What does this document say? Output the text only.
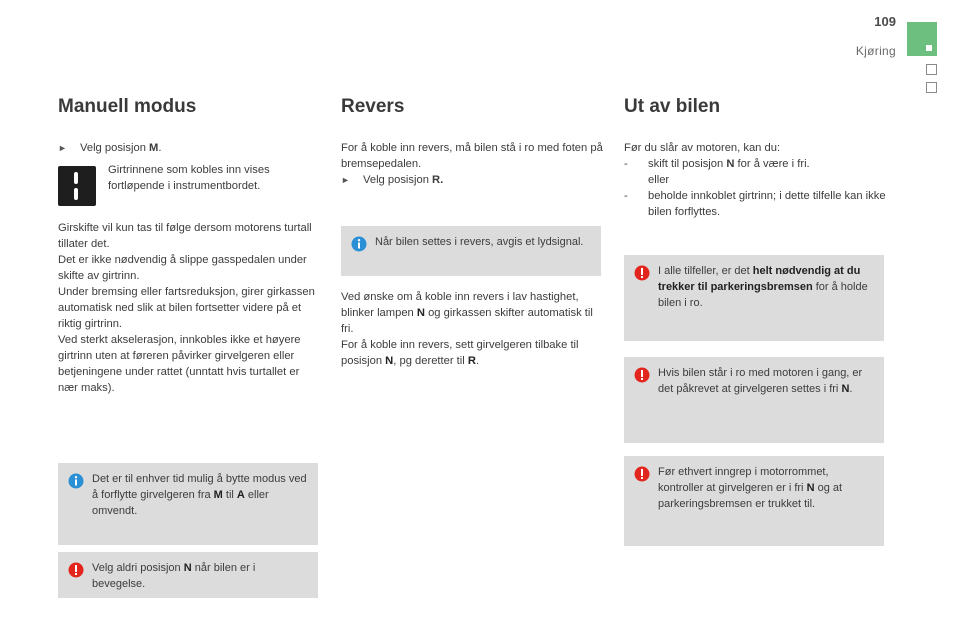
109
Kjøring
Manuell modus
► Velg posisjon M.
Girtrinnene som kobles inn vises fortløpende i instrumentbordet.
Girskifte vil kun tas til følge dersom motorens turtall tillater det.
Det er ikke nødvendig å slippe gasspedalen under skifte av girtrinn.
Under bremsing eller fartsreduksjon, girer girkassen automatisk ned slik at bilen fortsetter videre på et riktig girtrinn.
Ved sterkt akselerasjon, innkobles ikke et høyere girtrinn uten at føreren påvirker girvelgeren eller betjeningene under rattet (unntatt hvis turtallet er nær maks).
Det er til enhver tid mulig å bytte modus ved å forflytte girvelgeren fra M til A eller omvendt.
Velg aldri posisjon N når bilen er i bevegelse.
Revers
For å koble inn revers, må bilen stå i ro med foten på bremsepedalen.
► Velg posisjon R.
Når bilen settes i revers, avgis et lydsignal.
Ved ønske om å koble inn revers i lav hastighet, blinker lampen N og girkassen skifter automatisk til fri.
For å koble inn revers, sett girvelgeren tilbake til posisjon N, pg deretter til R.
Ut av bilen
Før du slår av motoren, kan du:
- skift til posisjon N for å være i fri.
eller
- beholde innkoblet girtrinn; i dette tilfelle kan ikke bilen forflyttes.
I alle tilfeller, er det helt nødvendig at du trekker til parkeringsbremsen for å holde bilen i ro.
Hvis bilen står i ro med motoren i gang, er det påkrevet at girvelgeren settes i fri N.
Før ethvert inngrep i motorrommet, kontroller at girvelgeren er i fri N og at parkeringsbremsen er trukket til.
